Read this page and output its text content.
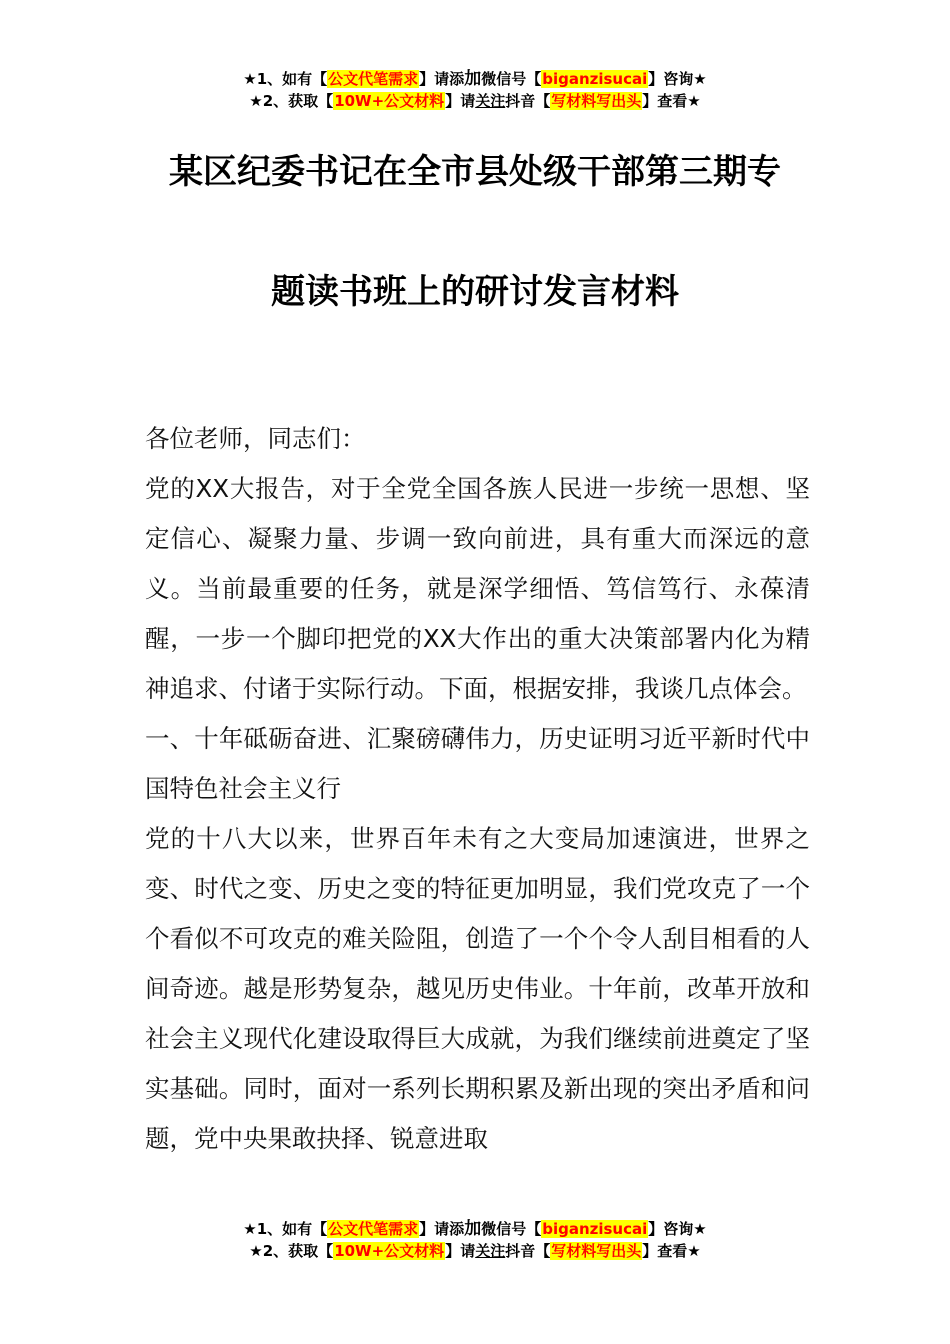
★1、如有【公文代笔需求】请添加微信号【biganzisucai】咨询★
★2、获取【10W+公文材料】请关注抖音【写材料写出头】查看★
某区纪委书记在全市县处级干部第三期专
题读书班上的研讨发言材料

各位老师，同志们：

党的XX大报告，对于全党全国各族人民进一步统一思想、坚定信心、凝聚力量、步调一致向前进，具有重大而深远的意义。当前最重要的任务，就是深学细悟、笃信笃行、永葆清醒，一步一个脚印把党的XX大作出的重大决策部署内化为精神追求、付诸于实际行动。下面，根据安排，我谈几点体会。

一、十年砥砺奋进、汇聚磅礴伟力，历史证明习近平新时代中国特色社会主义行

党的十八大以来，世界百年未有之大变局加速演进，世界之变、时代之变、历史之变的特征更加明显，我们党攻克了一个个看似不可攻克的难关险阻，创造了一个个令人刮目相看的人间奇迹。越是形势复杂，越见历史伟业。十年前，改革开放和社会主义现代化建设取得巨大成就，为我们继续前进奠定了坚实基础。同时，面对一系列长期积累及新出现的突出矛盾和问题，党中央果敢抉择、锐意进取

★1、如有【公文代笔需求】请添加微信号【biganzisucai】咨询★
★2、获取【10W+公文材料】请关注抖音【写材料写出头】查看★
